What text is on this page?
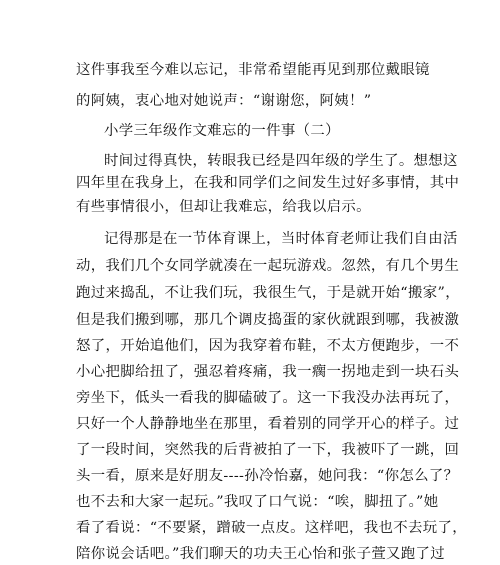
这件事我至今难以忘记，非常希望能再见到那位戴眼镜
的阿姨，衷心地对她说声：“谢谢您，阿姨！”
小学三年级作文难忘的一件事（二）
时间过得真快，转眼我已经是四年级的学生了。想想这
四年里在我身上，在我和同学们之间发生过好多事情，其中
有些事情很小，但却让我难忘，给我以启示。
记得那是在一节体育课上，当时体育老师让我们自由活
动，我们几个女同学就凑在一起玩游戏。忽然，有几个男生
跑过来捣乱，不让我们玩，我很生气，于是就开始“搬家”，
但是我们搬到哪，那几个调皮捣蛋的家伙就跟到哪，我被激
怒了，开始追他们，因为我穿着布鞋，不太方便跑步，一不
小心把脚给扭了，强忍着疼痛，我一瘸一拐地走到一块石头
旁坐下，低头一看我的脚磕破了。这一下我没办法再玩了，
只好一个人静静地坐在那里，看着别的同学开心的样子。过
了一段时间，突然我的后背被拍了一下，我被吓了一跳，回
头一看，原来是好朋友----孙冷怡嘉，她问我：“你怎么了？
也不去和大家一起玩。”我叹了口气说：“唉，脚扭了。”她
看了看说：“不要紧，蹭破一点皮。这样吧，我也不去玩了，
陪你说会话吧。”我们聊天的功夫王心怡和张子萱又跑了过
